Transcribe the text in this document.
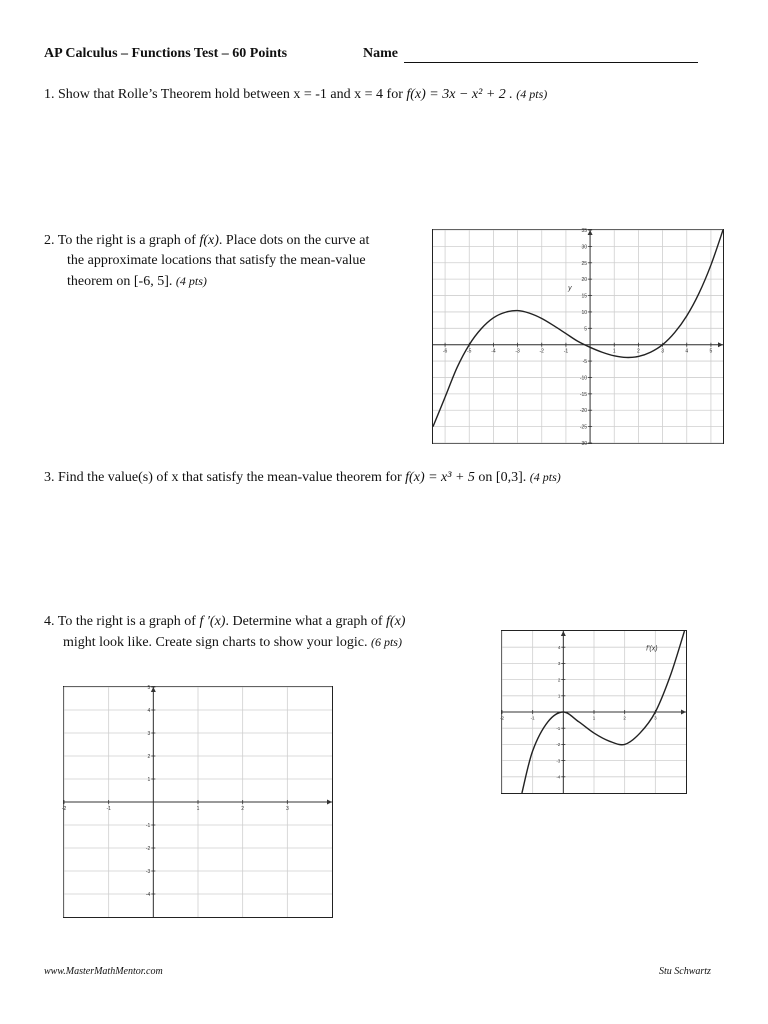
AP Calculus – Functions Test – 60 Points	Name
1. Show that Rolle’s Theorem hold between x = -1 and x = 4 for f(x) = 3x − x² + 2 . (4 pts)
2. To the right is a graph of f(x). Place dots on the curve at
the approximate locations that satisfy the mean-value
theorem on [-6, 5]. (4 pts)
-6	-5	-4	-3	-2	-1	1	2	3	4	5
-30
-25
-20
-15
-10
-5
5
10
15
20
25
30
35
y
3. Find the value(s) of x that satisfy the mean-value theorem for f(x) = x³ + 5 on [0,3]. (4 pts)
4. To the right is a graph of f ′(x). Determine what a graph of f(x)
might look like. Create sign charts to show your logic. (6 pts)
-2	-1	1	2	3
-4
-3
-2
-1
1
2
3
4
5
-2	-1	1	2	3
-4
-3
-2
-1
1
2
3
4	f′(x)
www.MasterMathMentor.com	Stu Schwartz
